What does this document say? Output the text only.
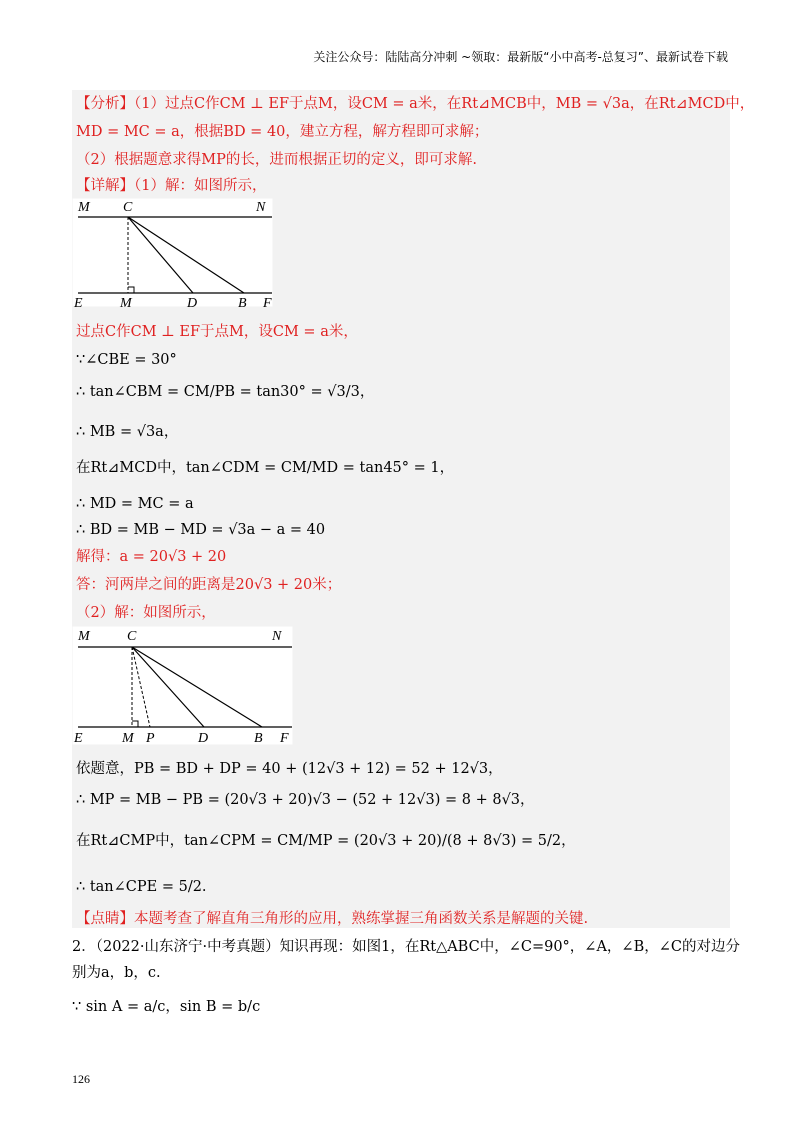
关注公众号：陆陆高分冲刺 ~领取：最新版“小中高考-总复习”、最新试卷下载
【分析】（1）过点C作CM ⊥ EF于点M，设CM = a米，在Rt⊿MCB中，MB = √3a，在Rt⊿MCD中，
MD = MC = a，根据BD = 40，建立方程，解方程即可求解；
（2）根据题意求得MP的长，进而根据正切的定义，即可求解.
【详解】（1）解：如图所示，
M C	N
E	M	D	B F
过点C作CM ⊥ EF于点M，设CM = a米，
∵∠CBE = 30°
∴ tan∠CBM = CM/PB = tan30° = √3/3，
∴ MB = √3a，
在Rt⊿MCD中，tan∠CDM = CM/MD = tan45° = 1，
∴ MD = MC = a
∴ BD = MB − MD = √3a − a = 40
解得：a = 20√3 + 20
答：河两岸之间的距离是20√3 + 20米；
（2）解：如图所示，
M	C	N
E	M P	D	B F
依题意，PB = BD + DP = 40 + (12√3 + 12) = 52 + 12√3，
∴ MP = MB − PB = (20√3 + 20)√3 − (52 + 12√3) = 8 + 8√3，
在Rt⊿CMP中，tan∠CPM = CM/MP = (20√3 + 20)/(8 + 8√3) = 5/2，
∴ tan∠CPE = 5/2.
【点睛】本题考查了解直角三角形的应用，熟练掌握三角函数关系是解题的关键.
2．（2022·山东济宁·中考真题）知识再现：如图1，在Rt△ABC中，∠C=90°，∠A，∠B，∠C的对边分
别为a，b，c.
∵ sin A = a/c，sin B = b/c
126
